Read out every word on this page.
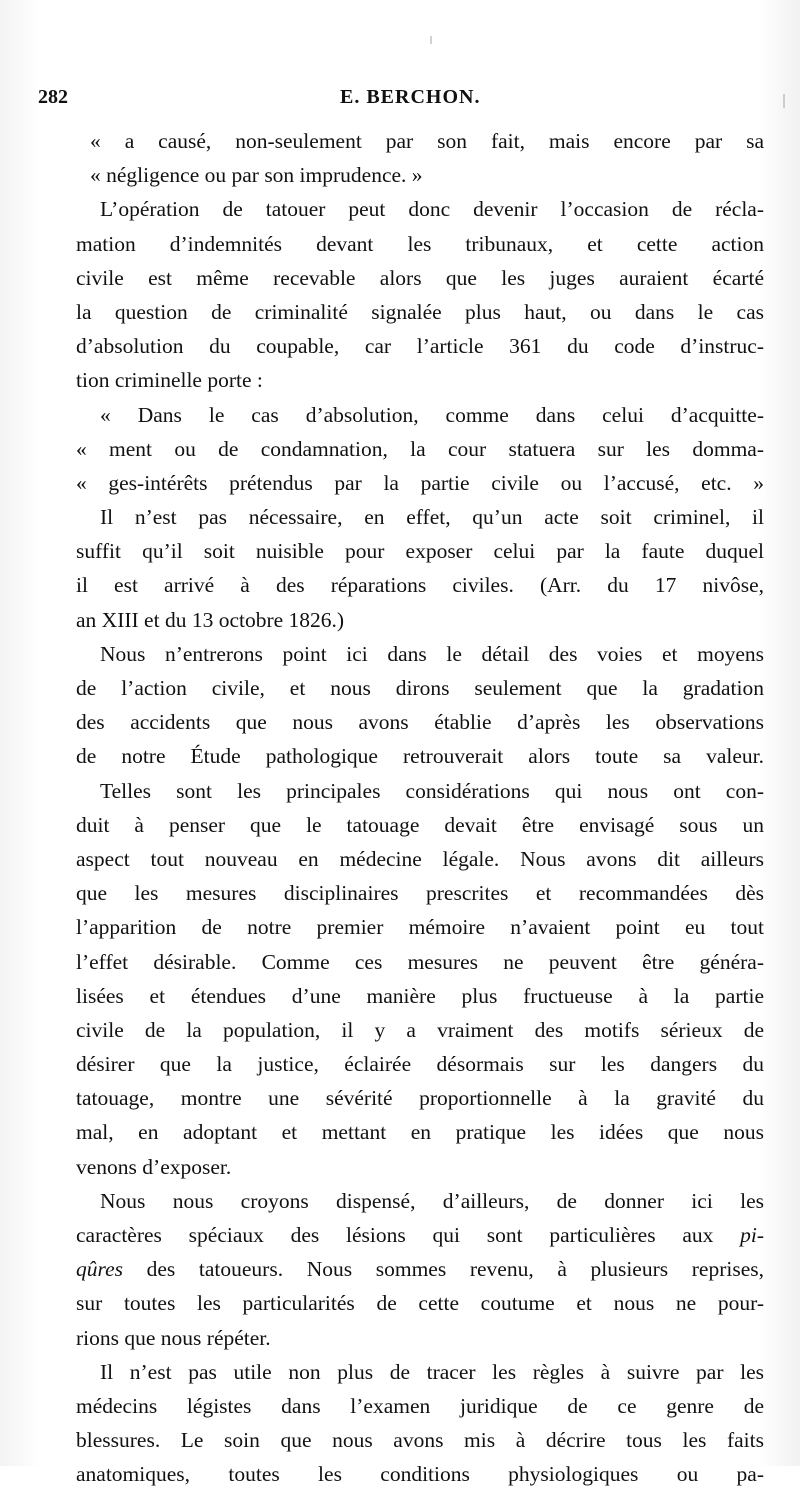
282	E. BERCHON.
« a causé, non-seulement par son fait, mais encore par sa
« négligence ou par son imprudence. »
L’opération de tatouer peut donc devenir l’occasion de récla-
mation d’indemnités devant les tribunaux, et cette action
civile est même recevable alors que les juges auraient écarté
la question de criminalité signalée plus haut, ou dans le cas
d’absolution du coupable, car l’article 361 du code d’instruc-
tion criminelle porte :
« Dans le cas d’absolution, comme dans celui d’acquitte-
« ment ou de condamnation, la cour statuera sur les domma-
« ges-intérêts prétendus par la partie civile ou l’accusé, etc. »
Il n’est pas nécessaire, en effet, qu’un acte soit criminel, il
suffit qu’il soit nuisible pour exposer celui par la faute duquel
il est arrivé à des réparations civiles. (Arr. du 17 nivôse,
an XIII et du 13 octobre 1826.)
Nous n’entrerons point ici dans le détail des voies et moyens
de l’action civile, et nous dirons seulement que la gradation
des accidents que nous avons établie d’après les observations
de notre Étude pathologique retrouverait alors toute sa valeur.
Telles sont les principales considérations qui nous ont con-
duit à penser que le tatouage devait être envisagé sous un
aspect tout nouveau en médecine légale. Nous avons dit ailleurs
que les mesures disciplinaires prescrites et recommandées dès
l’apparition de notre premier mémoire n’avaient point eu tout
l’effet désirable. Comme ces mesures ne peuvent être généra-
lisées et étendues d’une manière plus fructueuse à la partie
civile de la population, il y a vraiment des motifs sérieux de
désirer que la justice, éclairée désormais sur les dangers du
tatouage, montre une sévérité proportionnelle à la gravité du
mal, en adoptant et mettant en pratique les idées que nous
venons d’exposer.
Nous nous croyons dispensé, d’ailleurs, de donner ici les
caractères spéciaux des lésions qui sont particulières aux pi-
qûres des tatoueurs. Nous sommes revenu, à plusieurs reprises,
sur toutes les particularités de cette coutume et nous ne pour-
rions que nous répéter.
Il n’est pas utile non plus de tracer les règles à suivre par les
médecins légistes dans l’examen juridique de ce genre de
blessures. Le soin que nous avons mis à décrire tous les faits
anatomiques, toutes les conditions physiologiques ou pa-
